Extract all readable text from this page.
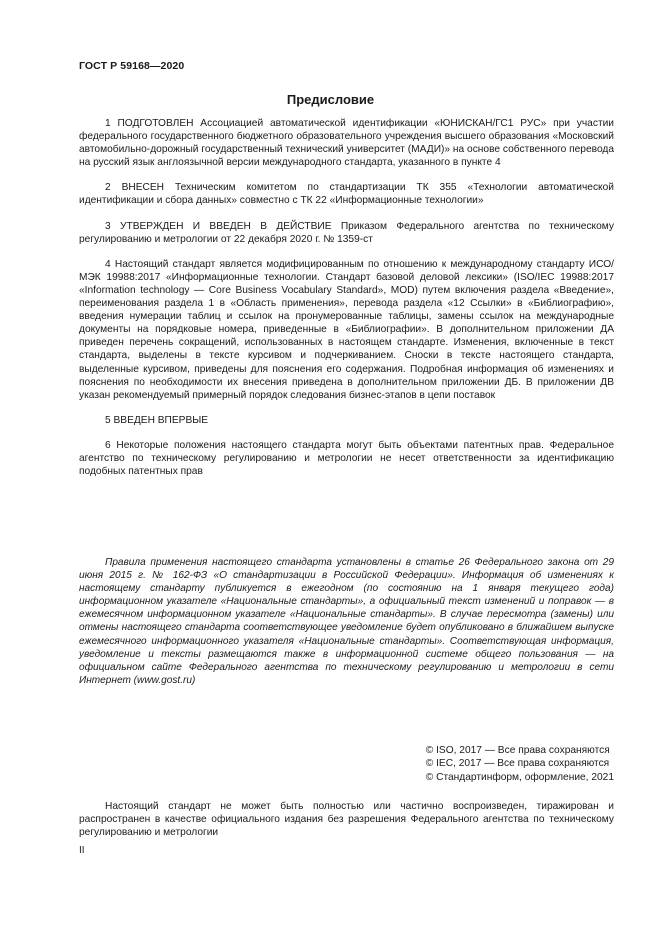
ГОСТ Р 59168—2020
Предисловие

1 ПОДГОТОВЛЕН Ассоциацией автоматической идентификации «ЮНИСКАН/ГС1 РУС» при участии федерального государственного бюджетного образовательного учреждения высшего образования «Московский автомобильно-дорожный государственный технический университет (МАДИ)» на основе собственного перевода на русский язык англоязычной версии международного стандарта, указанного в пункте 4

2 ВНЕСЕН Техническим комитетом по стандартизации ТК 355 «Технологии автоматической идентификации и сбора данных» совместно с ТК 22 «Информационные технологии»

3 УТВЕРЖДЕН И ВВЕДЕН В ДЕЙСТВИЕ Приказом Федерального агентства по техническому регулированию и метрологии от 22 декабря 2020 г. № 1359-ст

4 Настоящий стандарт является модифицированным по отношению к международному стандарту ИСО/МЭК 19988:2017 «Информационные технологии. Стандарт базовой деловой лексики» (ISO/IEC 19988:2017 «Information technology — Core Business Vocabulary Standard», MOD) путем включения раздела «Введение», переименования раздела 1 в «Область применения», перевода раздела «12 Ссылки» в «Библиографию», введения нумерации таблиц и ссылок на пронумерованные таблицы, замены ссылок на международные документы на порядковые номера, приведенные в «Библиографии». В дополнительном приложении ДА приведен перечень сокращений, использованных в настоящем стандарте. Изменения, включенные в текст стандарта, выделены в тексте курсивом и подчеркиванием. Сноски в тексте настоящего стандарта, выделенные курсивом, приведены для пояснения его содержания. Подробная информация об изменениях и пояснения по необходимости их внесения приведена в дополнительном приложении ДБ. В приложении ДВ указан рекомендуемый примерный порядок следования бизнес-этапов в цепи поставок

5 ВВЕДЕН ВПЕРВЫЕ

6 Некоторые положения настоящего стандарта могут быть объектами патентных прав. Федеральное агентство по техническому регулированию и метрологии не несет ответственности за идентификацию подобных патентных прав

Правила применения настоящего стандарта установлены в статье 26 Федерального закона от 29 июня 2015 г. № 162-ФЗ «О стандартизации в Российской Федерации». Информация об изменениях к настоящему стандарту публикуется в ежегодном (по состоянию на 1 января текущего года) информационном указателе «Национальные стандарты», а официальный текст изменений и поправок — в ежемесячном информационном указателе «Национальные стандарты». В случае пересмотра (замены) или отмены настоящего стандарта соответствующее уведомление будет опубликовано в ближайшем выпуске ежемесячного информационного указателя «Национальные стандарты». Соответствующая информация, уведомление и тексты размещаются также в информационной системе общего пользования — на официальном сайте Федерального агентства по техническому регулированию и метрологии в сети Интернет (www.gost.ru)
© ISO, 2017 — Все права сохраняются
© IEC, 2017 — Все права сохраняются
© Стандартинформ, оформление, 2021
Настоящий стандарт не может быть полностью или частично воспроизведен, тиражирован и распространен в качестве официального издания без разрешения Федерального агентства по техническому регулированию и метрологии
II
